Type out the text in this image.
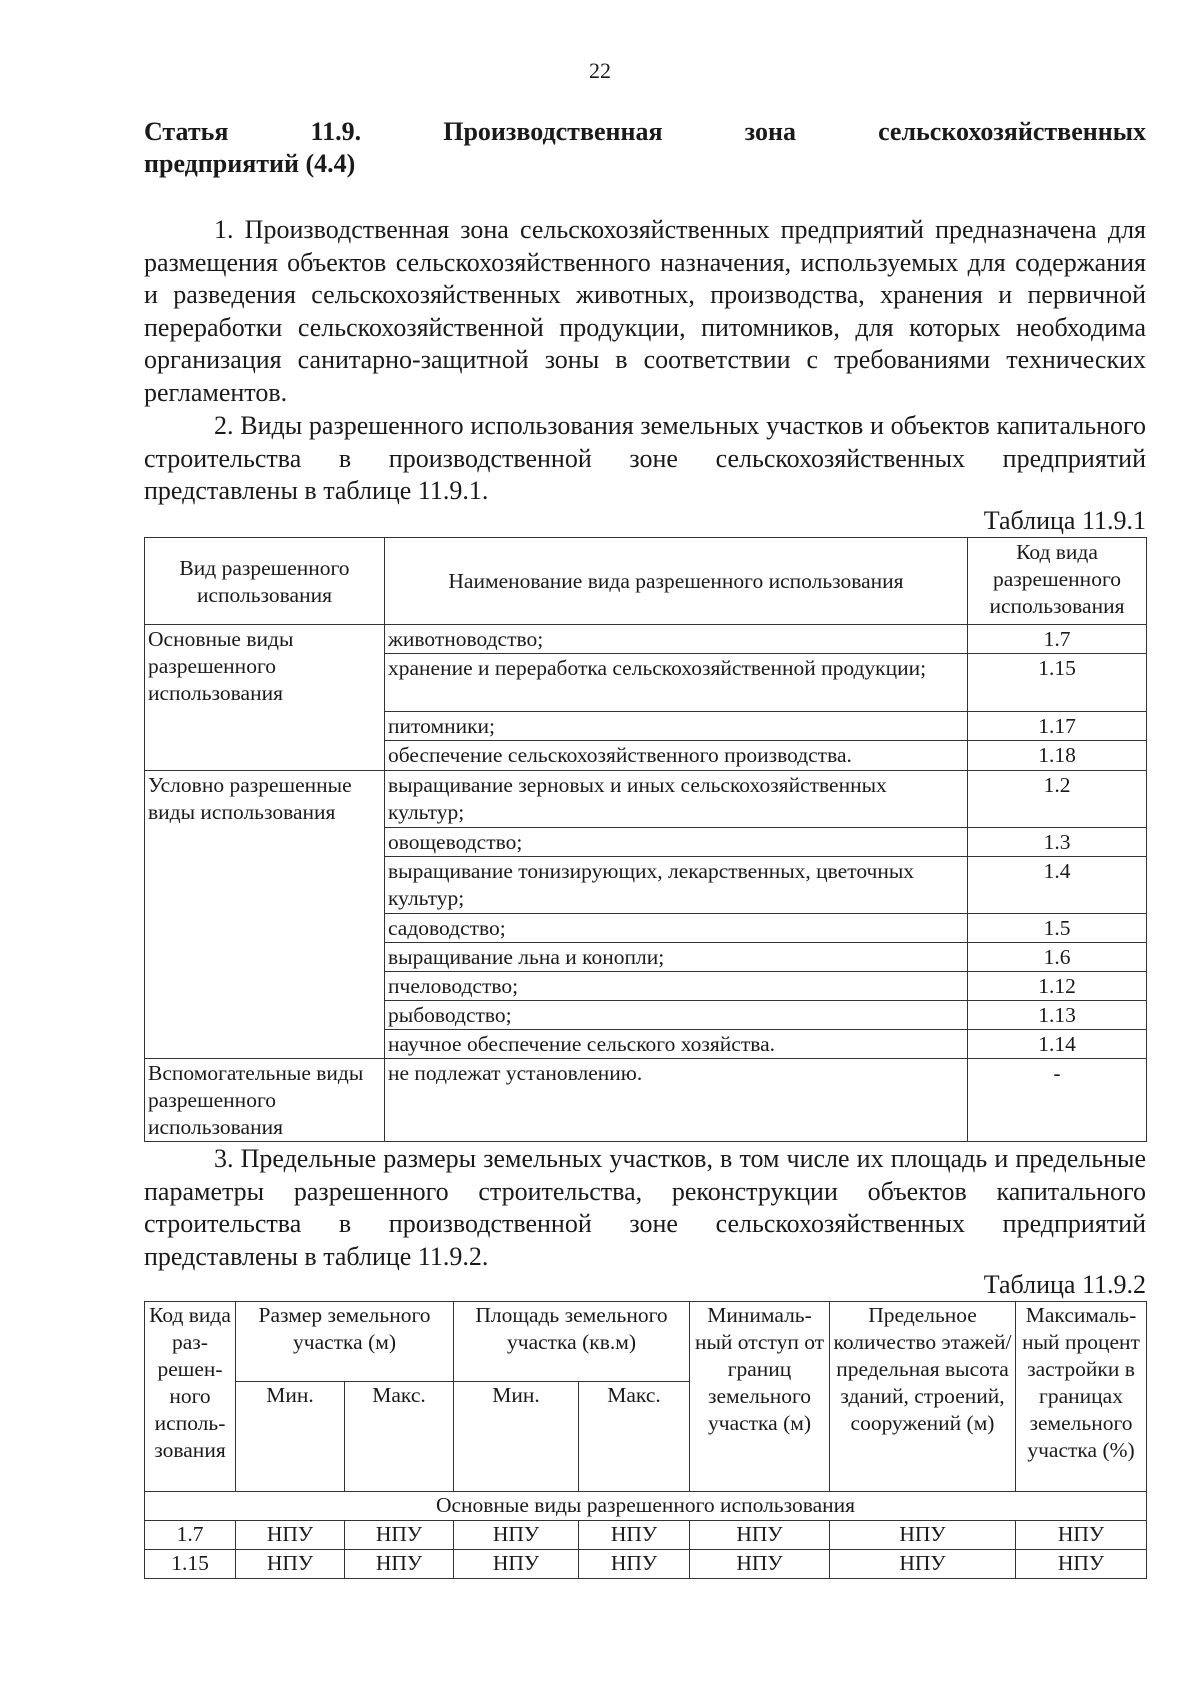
22
Статья 11.9. Производственная зона сельскохозяйственных
предприятий (4.4)
1. Производственная зона сельскохозяйственных предприятий предназначена для размещения объектов сельскохозяйственного назначения, используемых для содержания и разведения сельскохозяйственных животных, производства, хранения и первичной переработки сельскохозяйственной продукции, питомников, для которых необходима организация санитарно-защитной зоны в соответствии с требованиями технических регламентов.
2. Виды разрешенного использования земельных участков и объектов капитального строительства в производственной зоне сельскохозяйственных предприятий представлены в таблице 11.9.1.
Таблица 11.9.1
Вид разрешенного использования	Наименование вида разрешенного использования	Код вида разрешенного использования
Основные виды разрешенного использования	животноводство;	1.7
	хранение и переработка сельскохозяйственной продукции;	1.15
	питомники;	1.17
	обеспечение сельскохозяйственного производства.	1.18
Условно разрешенные виды использования	выращивание зерновых и иных сельскохозяйственных культур;	1.2
	овощеводство;	1.3
	выращивание тонизирующих, лекарственных, цветочных культур;	1.4
	садоводство;	1.5
	выращивание льна и конопли;	1.6
	пчеловодство;	1.12
	рыбоводство;	1.13
	научное обеспечение сельского хозяйства.	1.14
Вспомогательные виды разрешенного использования	не подлежат установлению.	-
3. Предельные размеры земельных участков, в том числе их площадь и предельные параметры разрешенного строительства, реконструкции объектов капитального строительства в производственной зоне сельскохозяйственных предприятий представлены в таблице 11.9.2.
Таблица 11.9.2
Код вида раз-решен-ного исполь-зования	Размер земельного участка (м)		Площадь земельного участка (кв.м)		Минималь-ный отступ от границ земельного участка (м)	Предельное количество этажей/ предельная высота зданий, строений, сооружений (м)	Максималь-ный процент застройки в границах земельного участка (%)
	Мин.	Макс.	Мин.	Макс.			
Основные виды разрешенного использования							
1.7	НПУ	НПУ	НПУ	НПУ	НПУ	НПУ	НПУ
1.15	НПУ	НПУ	НПУ	НПУ	НПУ	НПУ	НПУ
